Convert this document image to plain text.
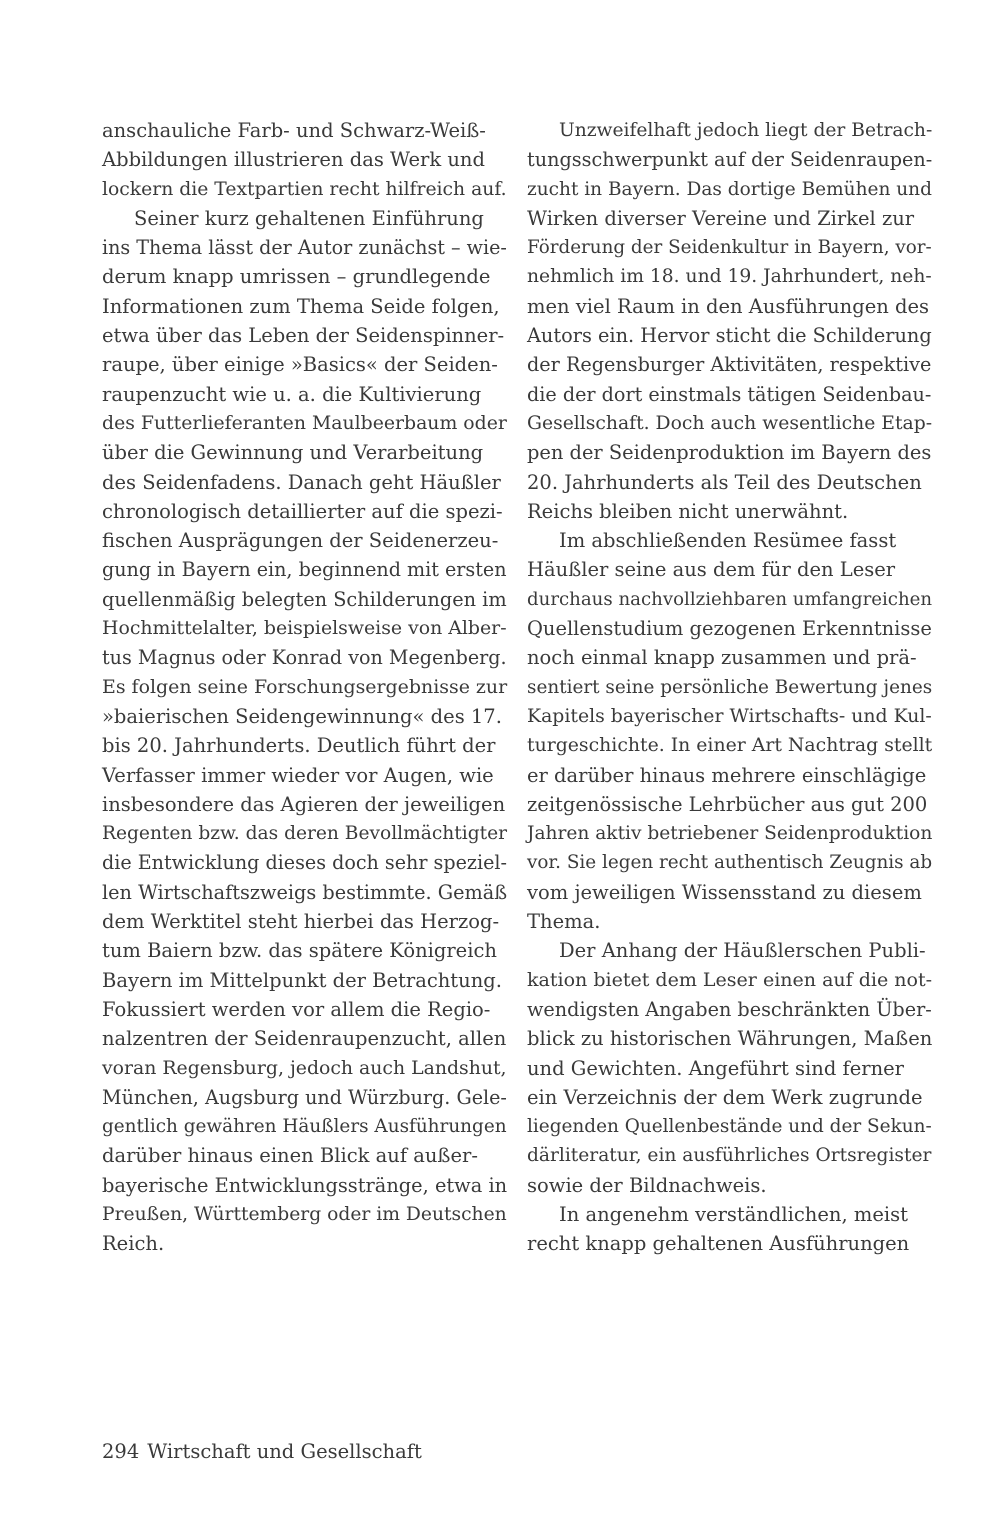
anschauliche Farb- und Schwarz-Weiß-
Abbildungen illustrieren das Werk und
lockern die Textpartien recht hilfreich auf.
Seiner kurz gehaltenen Einführung
ins Thema lässt der Autor zunächst – wie-
derum knapp umrissen – grundlegende
Informationen zum Thema Seide folgen,
etwa über das Leben der Seidenspinner-
raupe, über einige »Basics« der Seiden-
raupenzucht wie u. a. die Kultivierung
des Futterlieferanten Maulbeerbaum oder
über die Gewinnung und Verarbeitung
des Seidenfadens. Danach geht Häußler
chronologisch detaillierter auf die spezi-
fischen Ausprägungen der Seidenerzeu-
gung in Bayern ein, beginnend mit ersten
quellenmäßig belegten Schilderungen im
Hochmittelalter, beispielsweise von Alber-
tus Magnus oder Konrad von Megenberg.
Es folgen seine Forschungsergebnisse zur
»baierischen Seidengewinnung« des 17.
bis 20. Jahrhunderts. Deutlich führt der
Verfasser immer wieder vor Augen, wie
insbesondere das Agieren der jeweiligen
Regenten bzw. das deren Bevollmächtigter
die Entwicklung dieses doch sehr speziel-
len Wirtschaftszweigs bestimmte. Gemäß
dem Werktitel steht hierbei das Herzog-
tum Baiern bzw. das spätere Königreich
Bayern im Mittelpunkt der Betrachtung.
Fokussiert werden vor allem die Regio-
nalzentren der Seidenraupenzucht, allen
voran Regensburg, jedoch auch Landshut,
München, Augsburg und Würzburg. Gele-
gentlich gewähren Häußlers Ausführungen
darüber hinaus einen Blick auf außer-
bayerische Entwicklungsstränge, etwa in
Preußen, Württemberg oder im Deutschen
Reich.
Unzweifelhaft jedoch liegt der Betrach-
tungsschwerpunkt auf der Seidenraupen-
zucht in Bayern. Das dortige Bemühen und
Wirken diverser Vereine und Zirkel zur
Förderung der Seidenkultur in Bayern, vor-
nehmlich im 18. und 19. Jahrhundert, neh-
men viel Raum in den Ausführungen des
Autors ein. Hervor sticht die Schilderung
der Regensburger Aktivitäten, respektive
die der dort einstmals tätigen Seidenbau-
Gesellschaft. Doch auch wesentliche Etap-
pen der Seidenproduktion im Bayern des
20. Jahrhunderts als Teil des Deutschen
Reichs bleiben nicht unerwähnt.
Im abschließenden Resümee fasst
Häußler seine aus dem für den Leser
durchaus nachvollziehbaren umfangreichen
Quellenstudium gezogenen Erkenntnisse
noch einmal knapp zusammen und prä-
sentiert seine persönliche Bewertung jenes
Kapitels bayerischer Wirtschafts- und Kul-
turgeschichte. In einer Art Nachtrag stellt
er darüber hinaus mehrere einschlägige
zeitgenössische Lehrbücher aus gut 200
Jahren aktiv betriebener Seidenproduktion
vor. Sie legen recht authentisch Zeugnis ab
vom jeweiligen Wissensstand zu diesem
Thema.
Der Anhang der Häußlerschen Publi-
kation bietet dem Leser einen auf die not-
wendigsten Angaben beschränkten Über-
blick zu historischen Währungen, Maßen
und Gewichten. Angeführt sind ferner
ein Verzeichnis der dem Werk zugrunde
liegenden Quellenbestände und der Sekun-
därliteratur, ein ausführliches Ortsregister
sowie der Bildnachweis.
In angenehm verständlichen, meist
recht knapp gehaltenen Ausführungen
294 Wirtschaft und Gesellschaft
